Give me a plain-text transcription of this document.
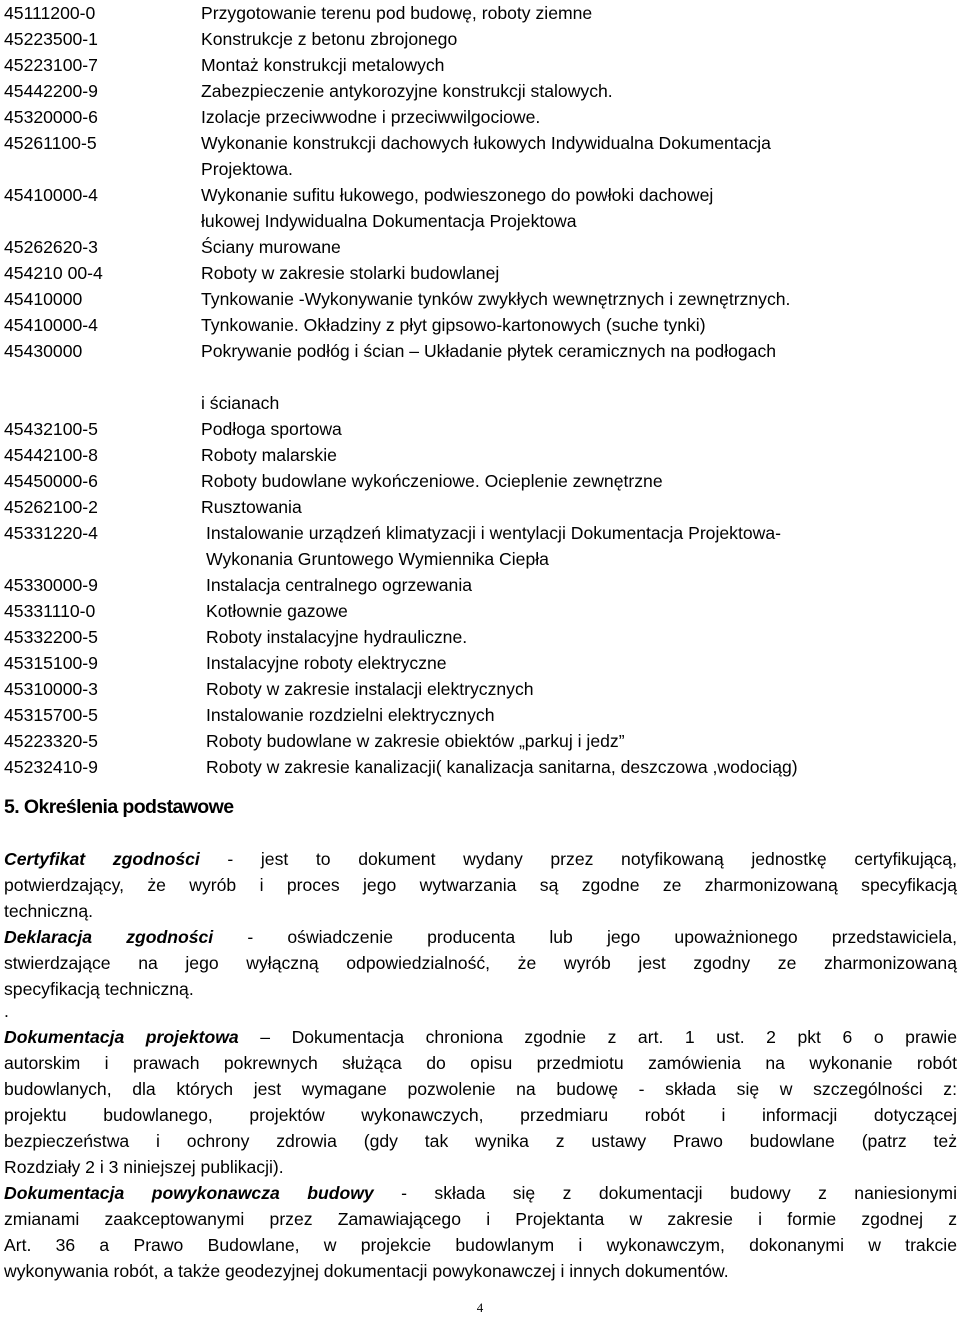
45111200-0	Przygotowanie terenu pod budowę, roboty ziemne
45223500-1	Konstrukcje z betonu zbrojonego
45223100-7	Montaż konstrukcji metalowych
45442200-9	Zabezpieczenie antykorozyjne konstrukcji stalowych.
45320000-6	Izolacje przeciwwodne i przeciwwilgociowe.
45261100-5	Wykonanie konstrukcji dachowych łukowych Indywidualna Dokumentacja
Projektowa.
45410000-4	Wykonanie sufitu łukowego, podwieszonego do powłoki dachowej
łukowej Indywidualna Dokumentacja Projektowa
45262620-3	Ściany murowane
454210 00-4	Roboty w zakresie stolarki budowlanej
45410000	Tynkowanie -Wykonywanie tynków zwykłych wewnętrznych i zewnętrznych.
45410000-4	Tynkowanie. Okładziny z płyt gipsowo-kartonowych (suche tynki)
45430000	Pokrywanie podłóg i ścian – Układanie płytek ceramicznych na podłogach
i ścianach
45432100-5	Podłoga sportowa
45442100-8	Roboty malarskie
45450000-6	Roboty budowlane wykończeniowe. Ocieplenie zewnętrzne
45262100-2	Rusztowania
45331220-4	Instalowanie urządzeń klimatyzacji i wentylacji Dokumentacja Projektowa-
Wykonania Gruntowego Wymiennika Ciepła
45330000-9	Instalacja centralnego ogrzewania
45331110-0	Kotłownie gazowe
45332200-5	Roboty instalacyjne hydrauliczne.
45315100-9	Instalacyjne roboty elektryczne
45310000-3	Roboty w zakresie instalacji elektrycznych
45315700-5	Instalowanie rozdzielni elektrycznych
45223320-5	Roboty budowlane w zakresie obiektów „parkuj i jedz”
45232410-9	Roboty w zakresie kanalizacji( kanalizacja sanitarna, deszczowa ,wodociąg)
5. Określenia podstawowe
Certyfikat zgodności - jest to dokument wydany przez notyfikowaną jednostkę certyfikującą,
potwierdzający, że wyrób i proces jego wytwarzania są zgodne ze zharmonizowaną specyfikacją
techniczną.
Deklaracja zgodności - oświadczenie producenta lub jego upoważnionego przedstawiciela,
stwierdzające na jego wyłączną odpowiedzialność, że wyrób jest zgodny ze zharmonizowaną
specyfikacją techniczną.
.
Dokumentacja projektowa – Dokumentacja chroniona zgodnie z art. 1 ust. 2 pkt 6 o prawie
autorskim i prawach pokrewnych służąca do opisu przedmiotu zamówienia na wykonanie robót
budowlanych, dla których jest wymagane pozwolenie na budowę - składa się w szczególności z:
projektu budowlanego, projektów wykonawczych, przedmiaru robót i informacji dotyczącej
bezpieczeństwa i ochrony zdrowia (gdy tak wynika z ustawy Prawo budowlane (patrz też
Rozdziały 2 i 3 niniejszej publikacji).
Dokumentacja powykonawcza budowy - składa się z dokumentacji budowy z naniesionymi
zmianami zaakceptowanymi przez Zamawiającego i Projektanta w zakresie i formie zgodnej z
Art. 36 a Prawo Budowlane, w projekcie budowlanym i wykonawczym, dokonanymi w trakcie
wykonywania robót, a także geodezyjnej dokumentacji powykonawczej i innych dokumentów.
4
